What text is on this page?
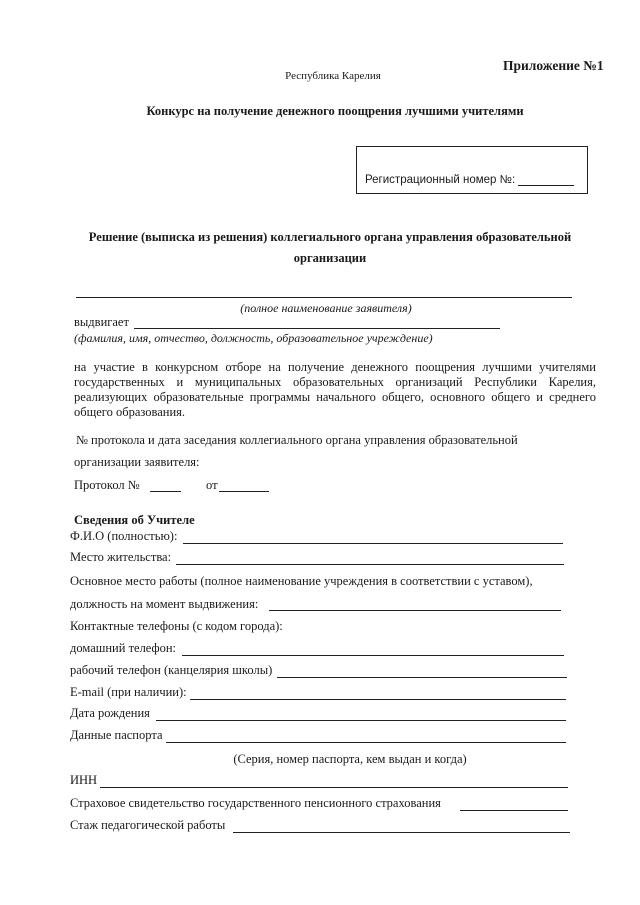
Приложение №1
Республика Карелия
Конкурс на получение денежного поощрения лучшими учителями
Регистрационный номер №:
Решение (выписка из решения) коллегиального органа управления образовательной
организации
(полное наименование заявителя)
выдвигает
(фамилия, имя, отчество, должность, образовательное учреждение)
на участие в конкурсном отборе на получение денежного поощрения лучшими учителями государственных и муниципальных образовательных организаций Республики Карелия, реализующих образовательные программы начального общего, основного общего и среднего общего образования.
№ протокола и дата заседания коллегиального органа управления образовательной
организации заявителя:
Протокол №	от
Сведения об Учителе
Ф.И.О (полностью):
Место жительства:
Основное место работы (полное наименование учреждения в соответствии с уставом),
должность на момент выдвижения:
Контактные телефоны (с кодом города):
домашний телефон:
рабочий телефон (канцелярия школы)
E-mail (при наличии):
Дата рождения
Данные паспорта
(Серия, номер паспорта, кем выдан и когда)
ИНН
Страховое свидетельство государственного пенсионного страхования
Стаж педагогической работы
